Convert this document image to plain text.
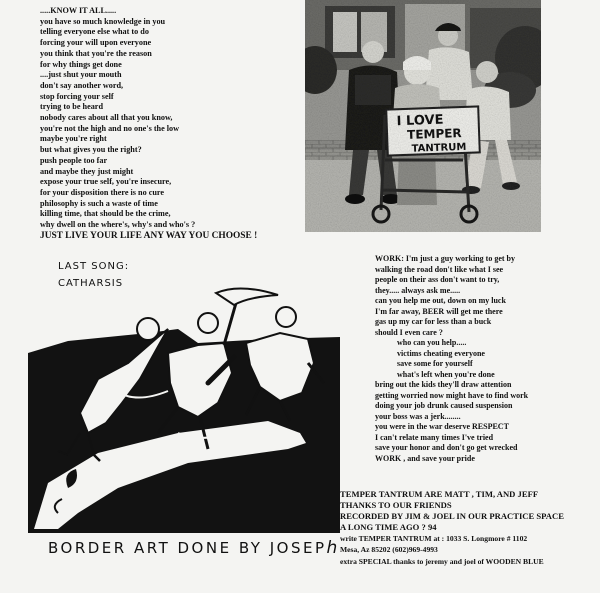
.....KNOW IT ALL.....
you have so much knowledge in you
telling everyone else what to do
forcing your will upon everyone
you think that you're the reason
for why things get done
....just shut your mouth
don't say another word,
stop forcing your self
trying to be heard
nobody cares about all that you know,
you're not the high and no one's the low
maybe you're right
but what gives you the right?
push people too far
and maybe they just might
expose your true self, you're insecure,
for your disposition there is no cure
philosophy is such a waste of time
killing time, that should be the crime,
why dwell on the where's, why's and who's ?
JUST LIVE YOUR LIFE ANY WAY YOU CHOOSE !
I LOVE
TEMPER
TANTRUM
LAST SONG:
CATHARSIS
BORDER ART DONE BY JOSEPh
WORK: I'm just a guy working to get by
walking the road don't like what I see
people on their ass don't want to try,
they..... always ask me.....
can you help me out, down on my luck
I'm far away, BEER will get me there
gas up my car for less than a buck
should I even care ?
who can you help.....
victims cheating everyone
save some for yourself
what's left when you're done
bring out the kids they'll draw attention
getting worried now might have to find work
doing your job drunk caused suspension
your boss was a jerk........
you were in the war deserve RESPECT
I can't relate many times I've tried
save your honor and don't go get wrecked
WORK , and save your pride
TEMPER TANTRUM ARE MATT , TIM, AND JEFF
THANKS TO OUR FRIENDS
RECORDED BY JIM & JOEL IN OUR PRACTICE SPACE
A LONG TIME AGO ? 94
write TEMPER TANTRUM at : 1033 S. Longmore # 1102
Mesa, Az 85202 (602)969-4993
extra SPECIAL thanks to jeremy and joel of WOODEN BLUE
